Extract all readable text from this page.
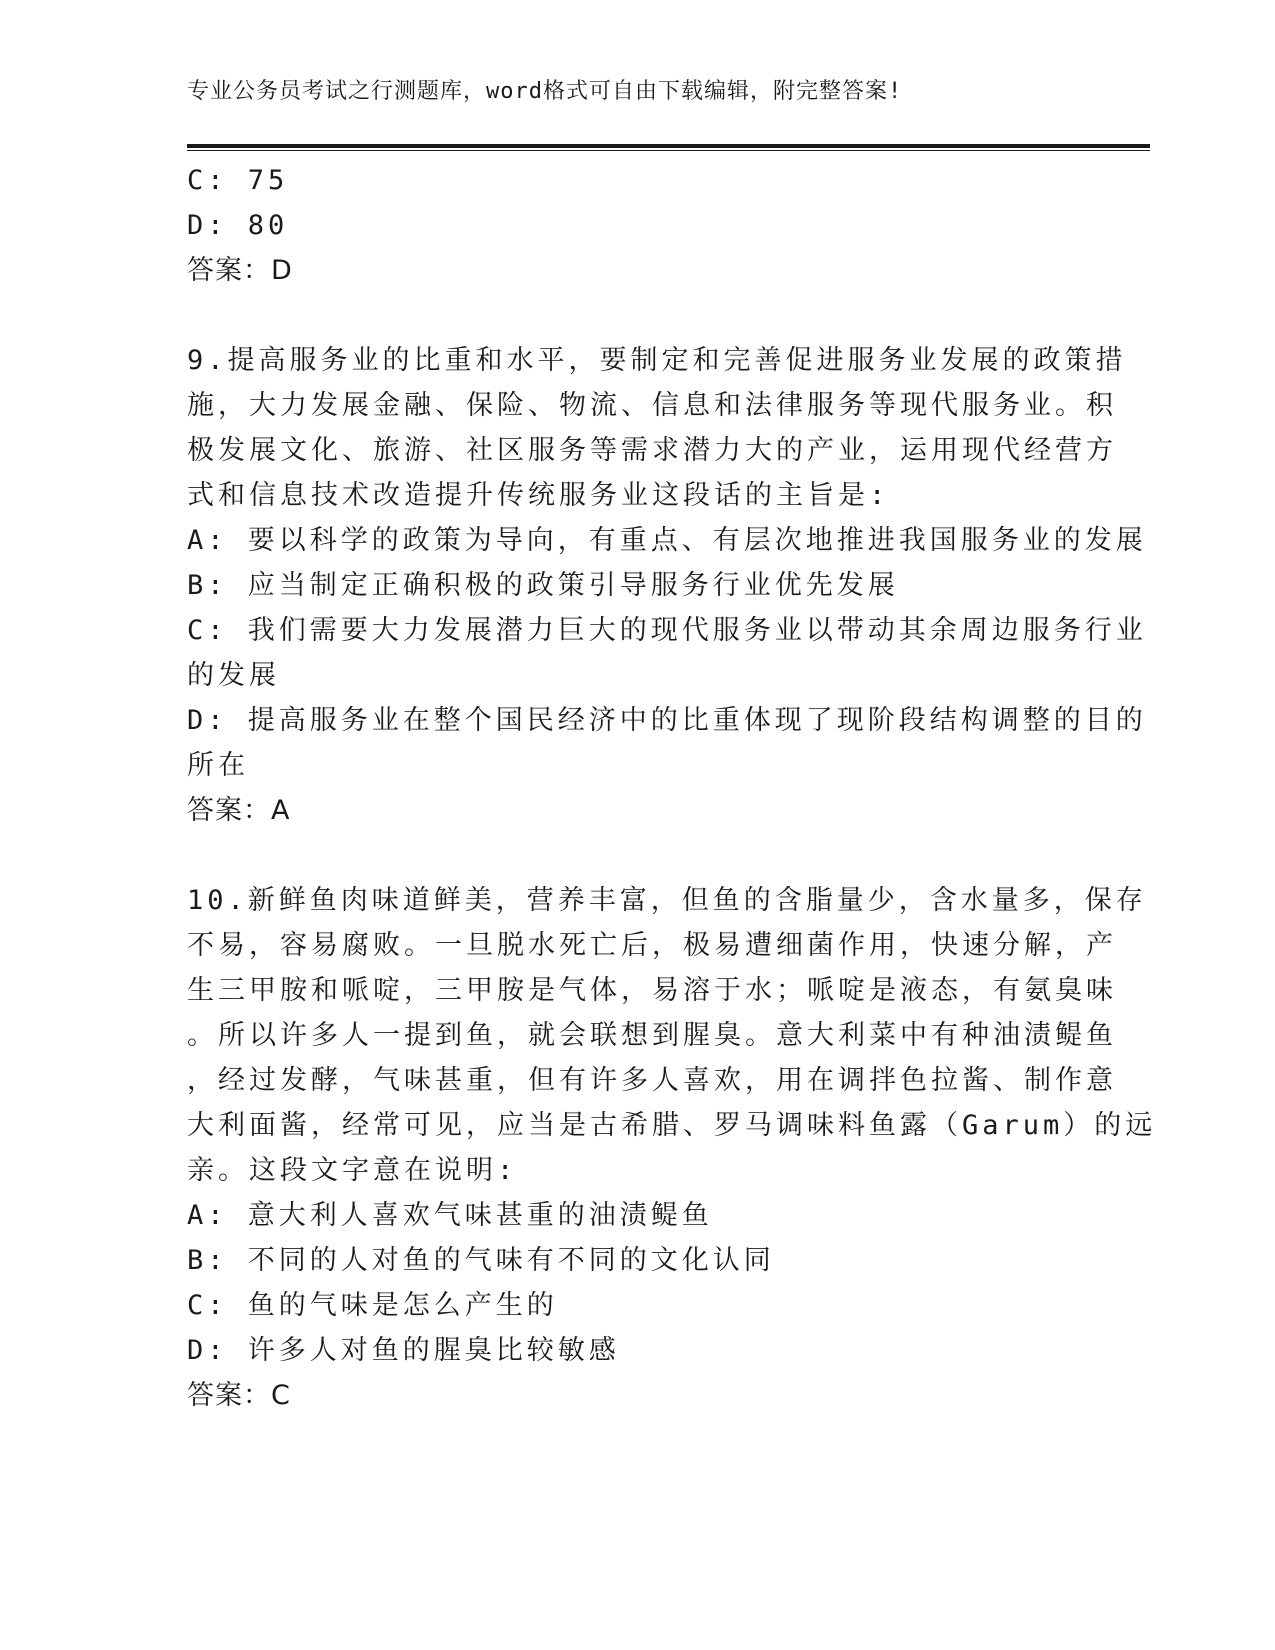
专业公务员考试之行测题库，word格式可自由下载编辑，附完整答案!
C: 75
D: 80
答案：D
9.提高服务业的比重和水平，要制定和完善促进服务业发展的政策措
施，大力发展金融、保险、物流、信息和法律服务等现代服务业。积
极发展文化、旅游、社区服务等需求潜力大的产业，运用现代经营方
式和信息技术改造提升传统服务业这段话的主旨是:
A: 要以科学的政策为导向，有重点、有层次地推进我国服务业的发展
B: 应当制定正确积极的政策引导服务行业优先发展
C: 我们需要大力发展潜力巨大的现代服务业以带动其余周边服务行业
的发展
D: 提高服务业在整个国民经济中的比重体现了现阶段结构调整的目的
所在
答案：A
10.新鲜鱼肉味道鲜美，营养丰富，但鱼的含脂量少，含水量多，保存
不易，容易腐败。一旦脱水死亡后，极易遭细菌作用，快速分解，产
生三甲胺和哌啶，三甲胺是气体，易溶于水；哌啶是液态，有氨臭味
。所以许多人一提到鱼，就会联想到腥臭。意大利菜中有种油渍鳀鱼
，经过发酵，气味甚重，但有许多人喜欢，用在调拌色拉酱、制作意
大利面酱，经常可见，应当是古希腊、罗马调味料鱼露（Garum）的远
亲。这段文字意在说明:
A: 意大利人喜欢气味甚重的油渍鳀鱼
B: 不同的人对鱼的气味有不同的文化认同
C: 鱼的气味是怎么产生的
D: 许多人对鱼的腥臭比较敏感
答案：C
